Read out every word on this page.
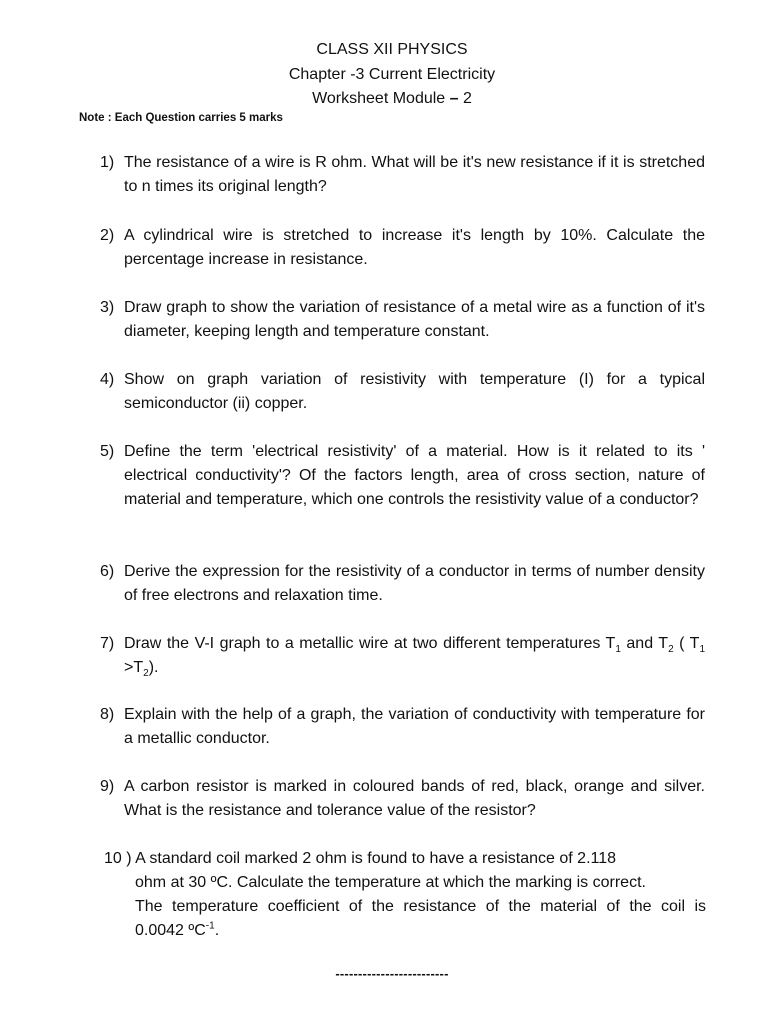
CLASS XII PHYSICS
Chapter -3 Current Electricity
Worksheet Module – 2
Note : Each Question carries 5 marks
1) The resistance of a wire is R ohm. What will be it's new resistance if it is stretched to n times its original length?
2) A cylindrical wire is stretched to increase it's length by 10%. Calculate the percentage increase in resistance.
3) Draw graph to show the variation of resistance of a metal wire as a function of it's diameter, keeping length and temperature constant.
4) Show on graph variation of resistivity with temperature (I) for a typical semiconductor (ii) copper.
5) Define the term 'electrical resistivity' of a material. How is it related to its ' electrical conductivity'? Of the factors length, area of cross section, nature of material and temperature, which one controls the resistivity value of a conductor?
6) Derive the expression for the resistivity of a conductor in terms of number density of free electrons and relaxation time.
7) Draw the V-I graph to a metallic wire at two different temperatures $T_1$ and $T_2$ ( $T_1 >T_2$).
8) Explain with the help of a graph, the variation of conductivity with temperature for a metallic conductor.
9) A carbon resistor is marked in coloured bands of red, black, orange and silver. What is the resistance and tolerance value of the resistor?
10 ) A standard coil marked 2 ohm is found to have a resistance of 2.118
ohm at 30 ºC. Calculate the temperature at which the marking is correct.
The temperature coefficient of the resistance of the material of the coil is
0.0042 ºC$^{-1}$.
-------------------------
